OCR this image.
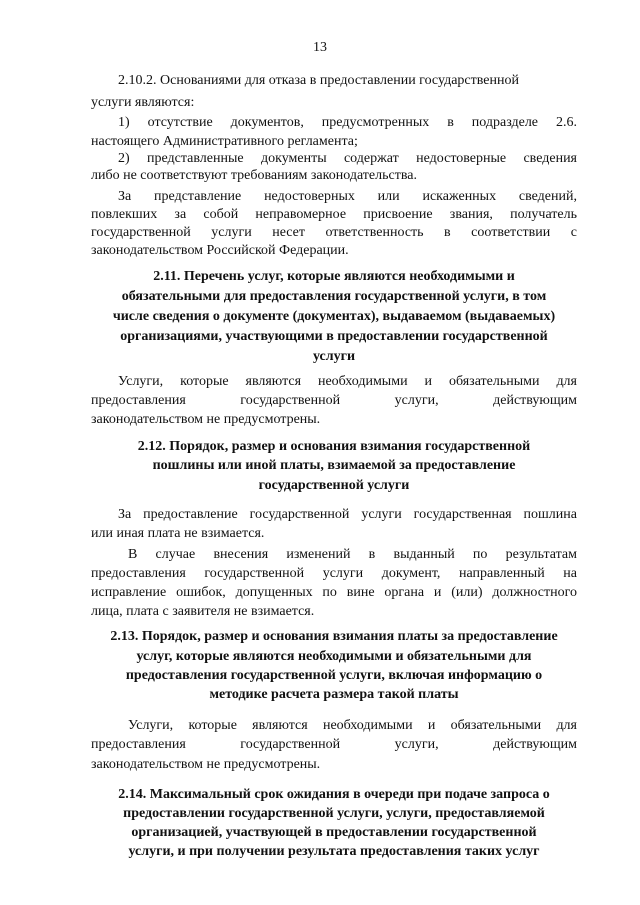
13
2.10.2. Основаниями для отказа в предоставлении государственной
услуги являются:
1) отсутствие документов, предусмотренных в подразделе 2.6.
настоящего Административного регламента;
2) представленные документы содержат недостоверные сведения
либо не соответствуют требованиям законодательства.
За представление недостоверных или искаженных сведений,
повлекших за собой неправомерное присвоение звания, получатель
государственной услуги несет ответственность в соответствии с
законодательством Российской Федерации.
2.11. Перечень услуг, которые являются необходимыми и
обязательными для предоставления государственной услуги, в том
числе сведения о документе (документах), выдаваемом (выдаваемых)
организациями, участвующими в предоставлении государственной
услуги
Услуги, которые являются необходимыми и обязательными для
предоставления государственной услуги, действующим
законодательством не предусмотрены.
2.12. Порядок, размер и основания взимания государственной
пошлины или иной платы, взимаемой за предоставление
государственной услуги
За предоставление государственной услуги государственная пошлина
или иная плата не взимается.
В случае внесения изменений в выданный по результатам
предоставления государственной услуги документ, направленный на
исправление ошибок, допущенных по вине органа и (или) должностного
лица, плата с заявителя не взимается.
2.13. Порядок, размер и основания взимания платы за предоставление
услуг, которые являются необходимыми и обязательными для
предоставления государственной услуги, включая информацию о
методике расчета размера такой платы
Услуги, которые являются необходимыми и обязательными для
предоставления государственной услуги, действующим
законодательством не предусмотрены.
2.14. Максимальный срок ожидания в очереди при подаче запроса о
предоставлении государственной услуги, услуги, предоставляемой
организацией, участвующей в предоставлении государственной
услуги, и при получении результата предоставления таких услуг
